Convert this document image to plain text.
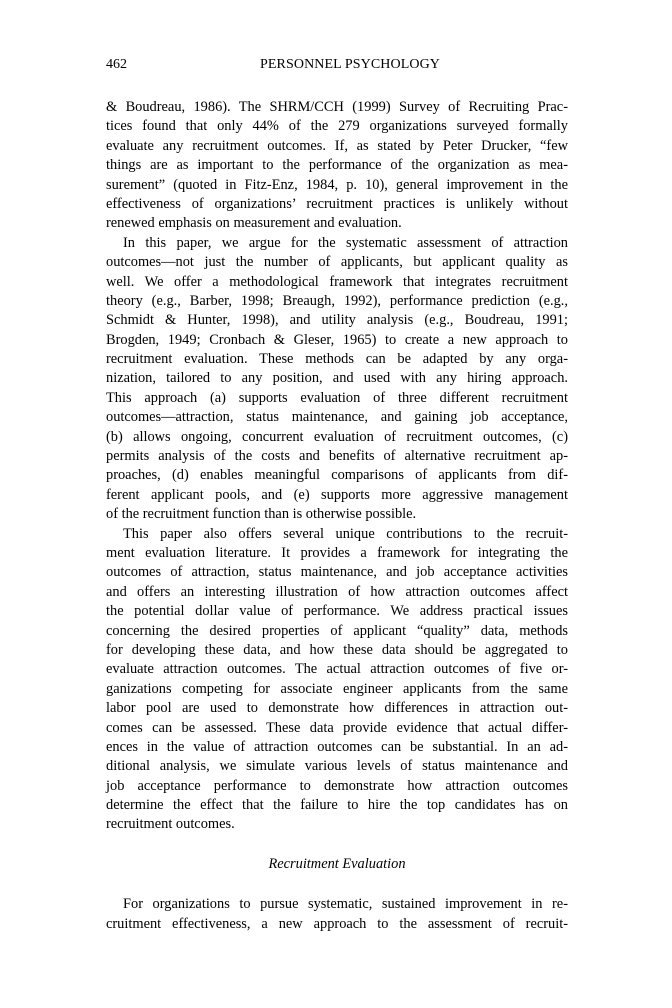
462	PERSONNEL PSYCHOLOGY
& Boudreau, 1986). The SHRM/CCH (1999) Survey of Recruiting Prac-
tices found that only 44% of the 279 organizations surveyed formally
evaluate any recruitment outcomes. If, as stated by Peter Drucker, “few
things are as important to the performance of the organization as mea-
surement” (quoted in Fitz-Enz, 1984, p. 10), general improvement in the
effectiveness of organizations’ recruitment practices is unlikely without
renewed emphasis on measurement and evaluation.
In this paper, we argue for the systematic assessment of attraction
outcomes—not just the number of applicants, but applicant quality as
well. We offer a methodological framework that integrates recruitment
theory (e.g., Barber, 1998; Breaugh, 1992), performance prediction (e.g.,
Schmidt & Hunter, 1998), and utility analysis (e.g., Boudreau, 1991;
Brogden, 1949; Cronbach & Gleser, 1965) to create a new approach to
recruitment evaluation. These methods can be adapted by any orga-
nization, tailored to any position, and used with any hiring approach.
This approach (a) supports evaluation of three different recruitment
outcomes—attraction, status maintenance, and gaining job acceptance,
(b) allows ongoing, concurrent evaluation of recruitment outcomes, (c)
permits analysis of the costs and benefits of alternative recruitment ap-
proaches, (d) enables meaningful comparisons of applicants from dif-
ferent applicant pools, and (e) supports more aggressive management
of the recruitment function than is otherwise possible.
This paper also offers several unique contributions to the recruit-
ment evaluation literature. It provides a framework for integrating the
outcomes of attraction, status maintenance, and job acceptance activities
and offers an interesting illustration of how attraction outcomes affect
the potential dollar value of performance. We address practical issues
concerning the desired properties of applicant “quality” data, methods
for developing these data, and how these data should be aggregated to
evaluate attraction outcomes. The actual attraction outcomes of five or-
ganizations competing for associate engineer applicants from the same
labor pool are used to demonstrate how differences in attraction out-
comes can be assessed. These data provide evidence that actual differ-
ences in the value of attraction outcomes can be substantial. In an ad-
ditional analysis, we simulate various levels of status maintenance and
job acceptance performance to demonstrate how attraction outcomes
determine the effect that the failure to hire the top candidates has on
recruitment outcomes.
Recruitment Evaluation
For organizations to pursue systematic, sustained improvement in re-
cruitment effectiveness, a new approach to the assessment of recruit-
